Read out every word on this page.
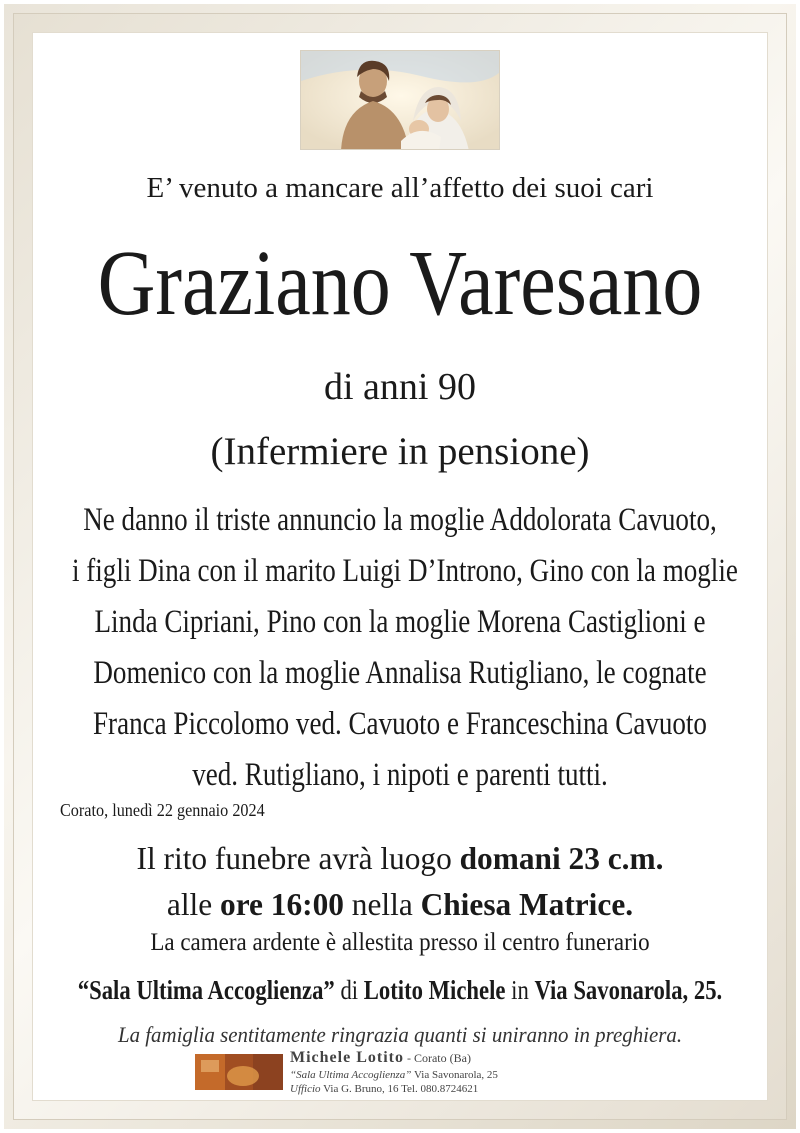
E’ venuto a mancare all’affetto dei suoi cari
Graziano Varesano
di anni 90
(Infermiere in pensione)
Ne danno il triste annuncio la moglie Addolorata Cavuoto,
i figli Dina con il marito Luigi D’Introno, Gino con la moglie
Linda Cipriani, Pino con la moglie Morena Castiglioni e
Domenico con la moglie Annalisa Rutigliano, le cognate
Franca Piccolomo ved. Cavuoto e Franceschina Cavuoto
ved. Rutigliano, i nipoti e parenti tutti.
Corato, lunedì 22 gennaio 2024
Il rito funebre avrà luogo domani 23 c.m.
alle ore 16:00 nella Chiesa Matrice.
La camera ardente è allestita presso il centro funerario
“Sala Ultima Accoglienza” di Lotito Michele in Via Savonarola, 25.
La famiglia sentitamente ringrazia quanti si uniranno in preghiera.
Michele Lotito - Corato (Ba)
“Sala Ultima Accoglienza” Via Savonarola, 25
Ufficio Via G. Bruno, 16 Tel. 080.8724621
